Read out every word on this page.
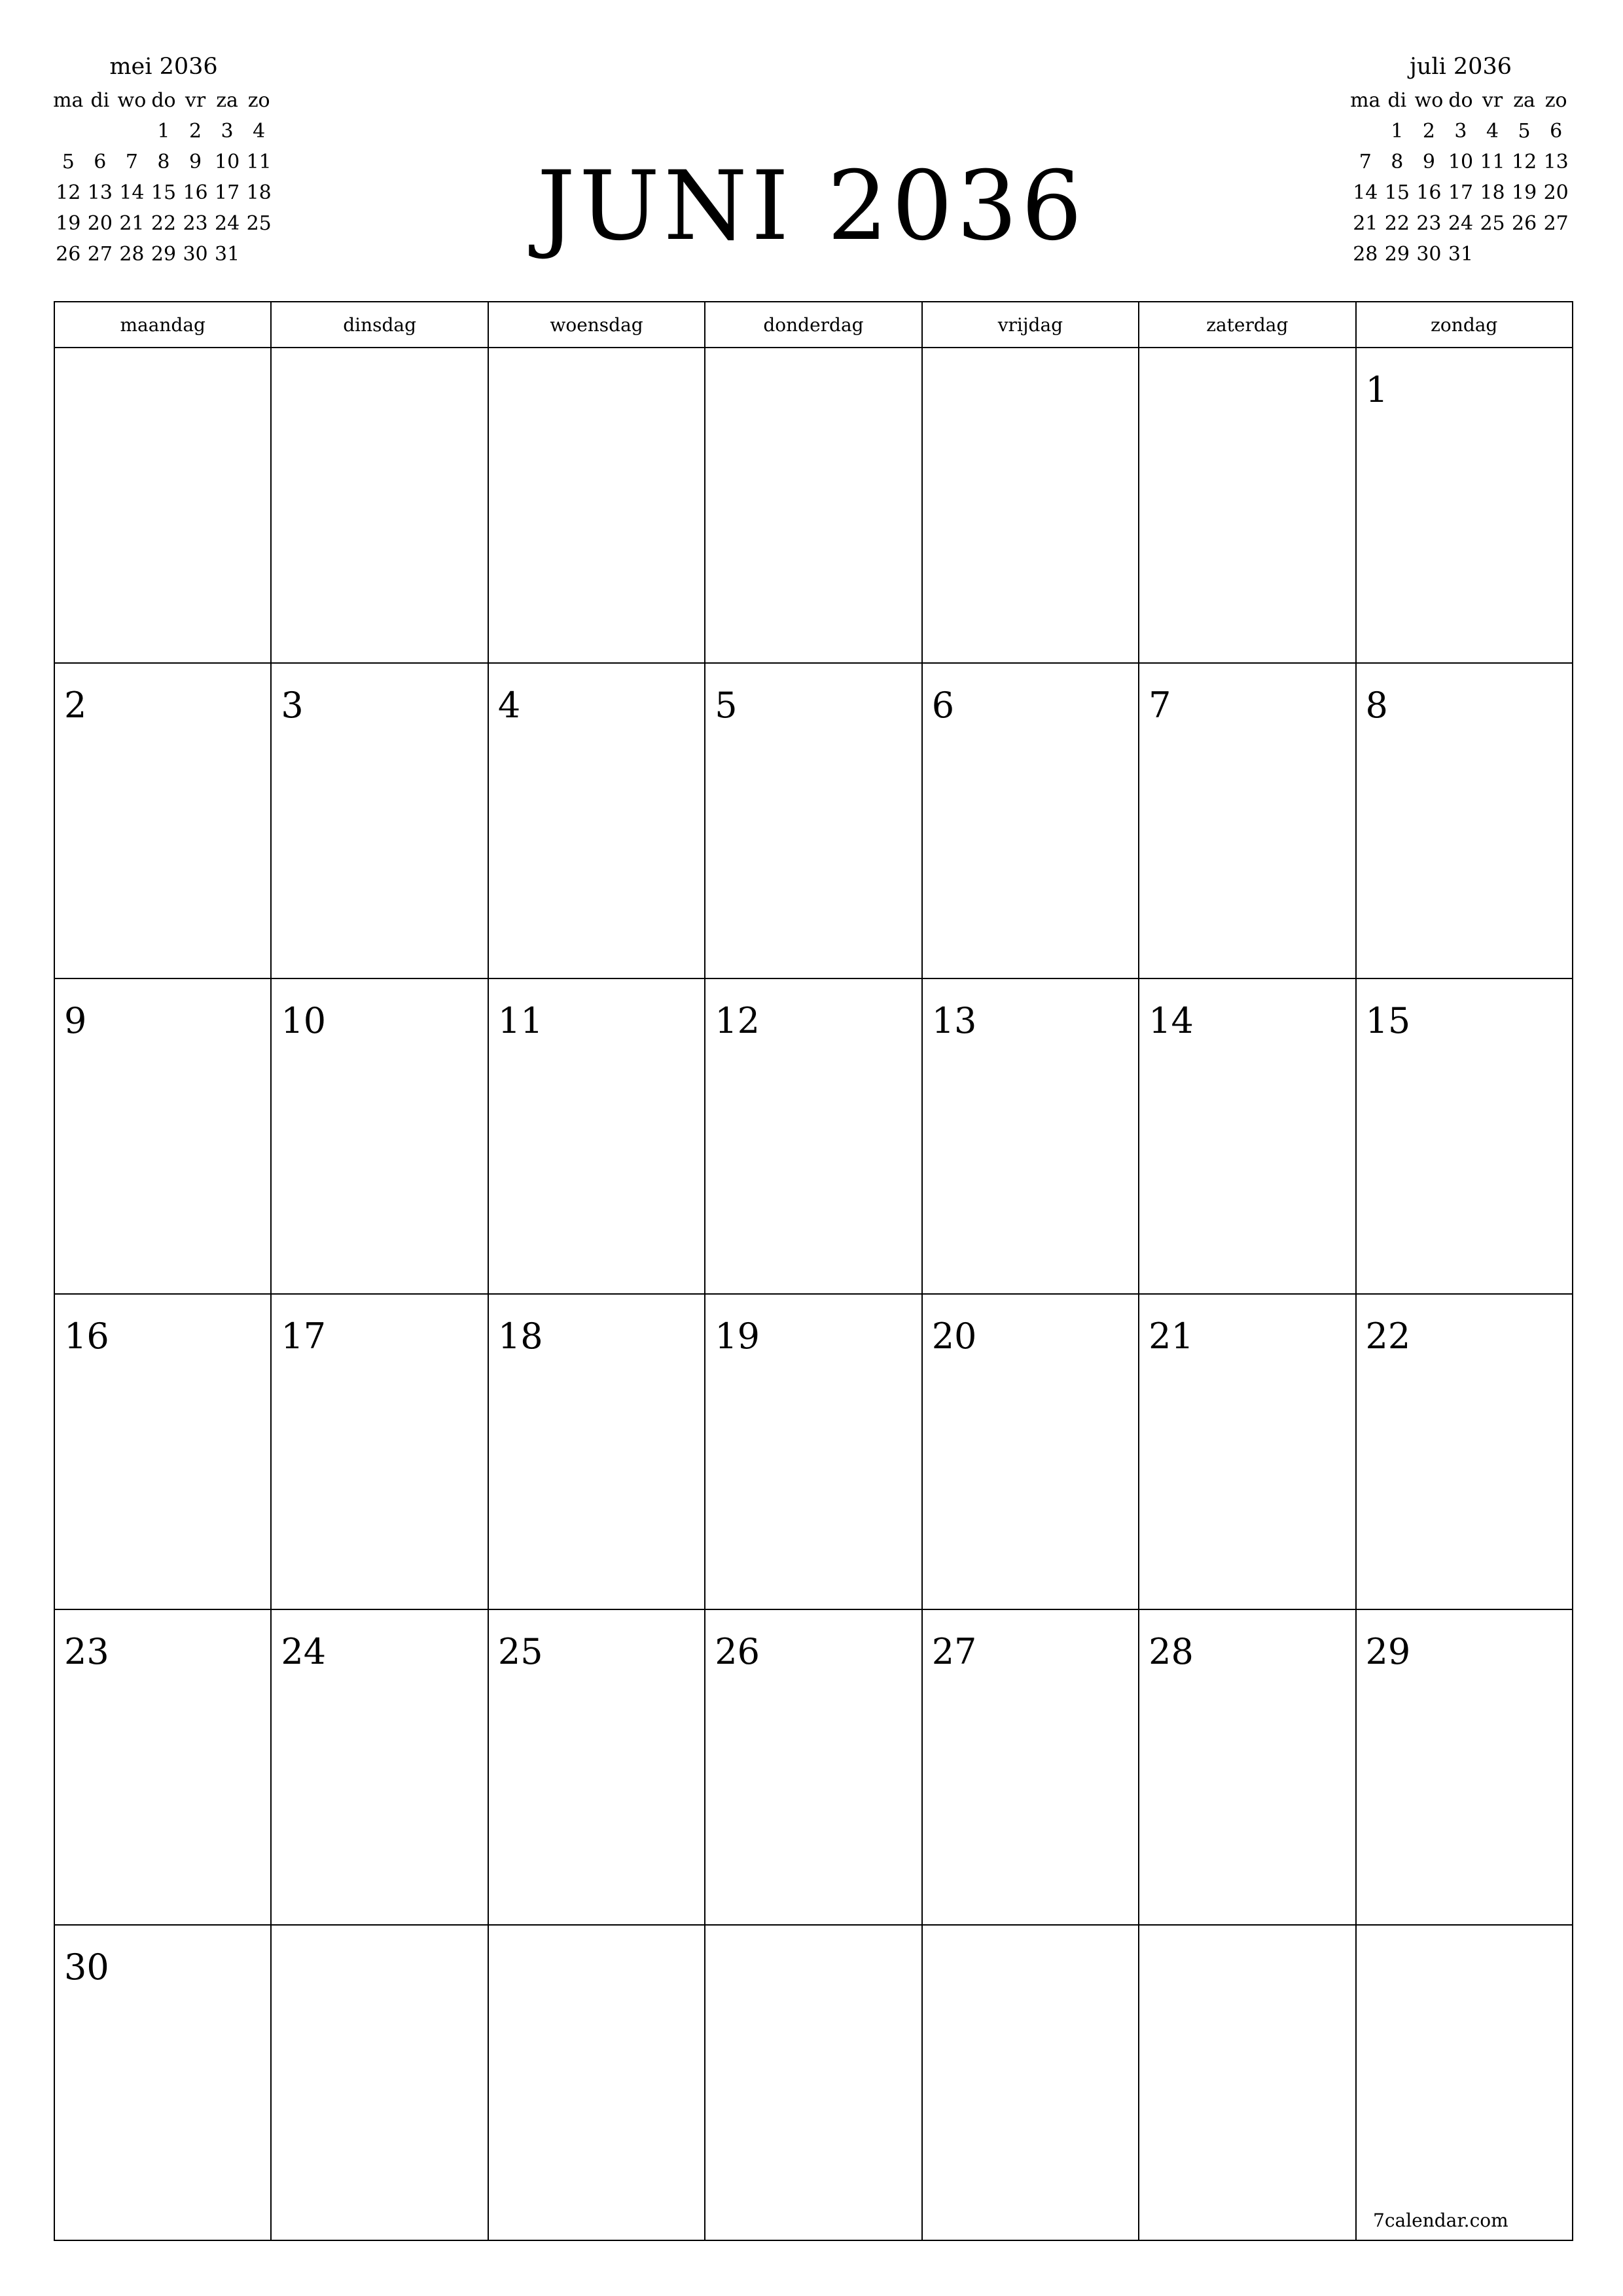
mei 2036
ma	di	wo	do	vr	za	zo
			1	2	3	4
5	6	7	8	9	10	11
12	13	14	15	16	17	18
19	20	21	22	23	24	25
26	27	28	29	30	31		JUNI 2036
juli 2036
ma	di	wo	do	vr	za	zo
	1	2	3	4	5	6
7	8	9	10	11	12	13
14	15	16	17	18	19	20
21	22	23	24	25	26	27
28	29	30	31			
maandag	dinsdag	woensdag	donderdag	vrijdag	zaterdag	zondag

						1

2	3	4	5	6	7	8

9	10	11	12	13	14	15

16	17	18	19	20	21	22

23	24	25	26	27	28	29

30						

7calendar.com
